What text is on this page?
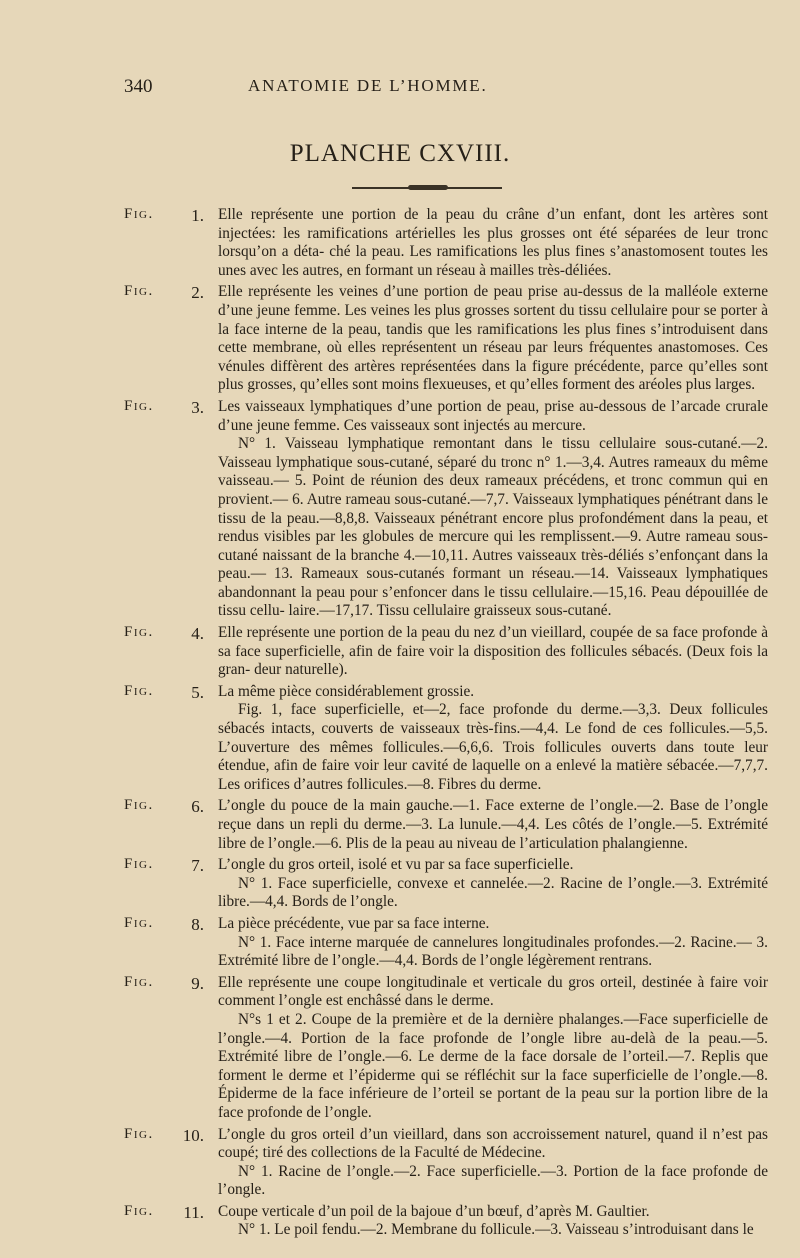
340	ANATOMIE DE L’HOMME.
PLANCHE CXVIII.
Fig.	1. Elle représente une portion de la peau du crâne d’un enfant, dont les artères sont injectées: les ramifications artérielles les plus grosses ont été séparées de leur tronc lorsqu’on a déta- ché la peau. Les ramifications les plus fines s’anastomosent toutes les unes avec les autres, en formant un réseau à mailles très-déliées.

Fig.	2. Elle représente les veines d’une portion de peau prise au-dessus de la malléole externe d’une jeune femme. Les veines les plus grosses sortent du tissu cellulaire pour se porter à la face interne de la peau, tandis que les ramifications les plus fines s’introduisent dans cette membrane, où elles représentent un réseau par leurs fréquentes anastomoses. Ces vénules diffèrent des artères représentées dans la figure précédente, parce qu’elles sont plus grosses, qu’elles sont moins flexueuses, et qu’elles forment des aréoles plus larges.

Fig.	3. Les vaisseaux lymphatiques d’une portion de peau, prise au-dessous de l’arcade crurale d’une jeune femme. Ces vaisseaux sont injectés au mercure.

N° 1. Vaisseau lymphatique remontant dans le tissu cellulaire sous-cutané.—2. Vaisseau lymphatique sous-cutané, séparé du tronc n° 1.—3,4. Autres rameaux du même vaisseau.— 5. Point de réunion des deux rameaux précédens, et tronc commun qui en provient.— 6. Autre rameau sous-cutané.—7,7. Vaisseaux lymphatiques pénétrant dans le tissu de la peau.—8,8,8. Vaisseaux pénétrant encore plus profondément dans la peau, et rendus visibles par les globules de mercure qui les remplissent.—9. Autre rameau sous-cutané naissant de la branche 4.—10,11. Autres vaisseaux très-déliés s’enfonçant dans la peau.— 13. Rameaux sous-cutanés formant un réseau.—14. Vaisseaux lymphatiques abandonnant la peau pour s’enfoncer dans le tissu cellulaire.—15,16. Peau dépouillée de tissu cellu- laire.—17,17. Tissu cellulaire graisseux sous-cutané.

Fig.	4. Elle représente une portion de la peau du nez d’un vieillard, coupée de sa face profonde à sa face superficielle, afin de faire voir la disposition des follicules sébacés. (Deux fois la gran- deur naturelle).

Fig.	5. La même pièce considérablement grossie.

Fig. 1, face superficielle, et—2, face profonde du derme.—3,3. Deux follicules sébacés intacts, couverts de vaisseaux très-fins.—4,4. Le fond de ces follicules.—5,5. L’ouverture des mêmes follicules.—6,6,6. Trois follicules ouverts dans toute leur étendue, afin de faire voir leur cavité de laquelle on a enlevé la matière sébacée.—7,7,7. Les orifices d’autres follicules.—8. Fibres du derme.

Fig.	6. L’ongle du pouce de la main gauche.—1. Face externe de l’ongle.—2. Base de l’ongle reçue dans un repli du derme.—3. La lunule.—4,4. Les côtés de l’ongle.—5. Extrémité libre de l’ongle.—6. Plis de la peau au niveau de l’articulation phalangienne.

Fig.	7. L’ongle du gros orteil, isolé et vu par sa face superficielle.

N° 1. Face superficielle, convexe et cannelée.—2. Racine de l’ongle.—3. Extrémité libre.—4,4. Bords de l’ongle.

Fig.	8. La pièce précédente, vue par sa face interne.

N° 1. Face interne marquée de cannelures longitudinales profondes.—2. Racine.— 3. Extrémité libre de l’ongle.—4,4. Bords de l’ongle légèrement rentrans.

Fig.	9. Elle représente une coupe longitudinale et verticale du gros orteil, destinée à faire voir comment l’ongle est enchâssé dans le derme.

N°s 1 et 2. Coupe de la première et de la dernière phalanges.—Face superficielle de l’ongle.—4. Portion de la face profonde de l’ongle libre au-delà de la peau.—5. Extrémité libre de l’ongle.—6. Le derme de la face dorsale de l’orteil.—7. Replis que forment le derme et l’épiderme qui se réfléchit sur la face superficielle de l’ongle.—8. Épiderme de la face inférieure de l’orteil se portant de la peau sur la portion libre de la face profonde de l’ongle.

Fig.	10. L’ongle du gros orteil d’un vieillard, dans son accroissement naturel, quand il n’est pas coupé; tiré des collections de la Faculté de Médecine.

N° 1. Racine de l’ongle.—2. Face superficielle.—3. Portion de la face profonde de l’ongle.

Fig.	11. Coupe verticale d’un poil de la bajoue d’un bœuf, d’après M. Gaultier.

N° 1. Le poil fendu.—2. Membrane du follicule.—3. Vaisseau s’introduisant dans le
